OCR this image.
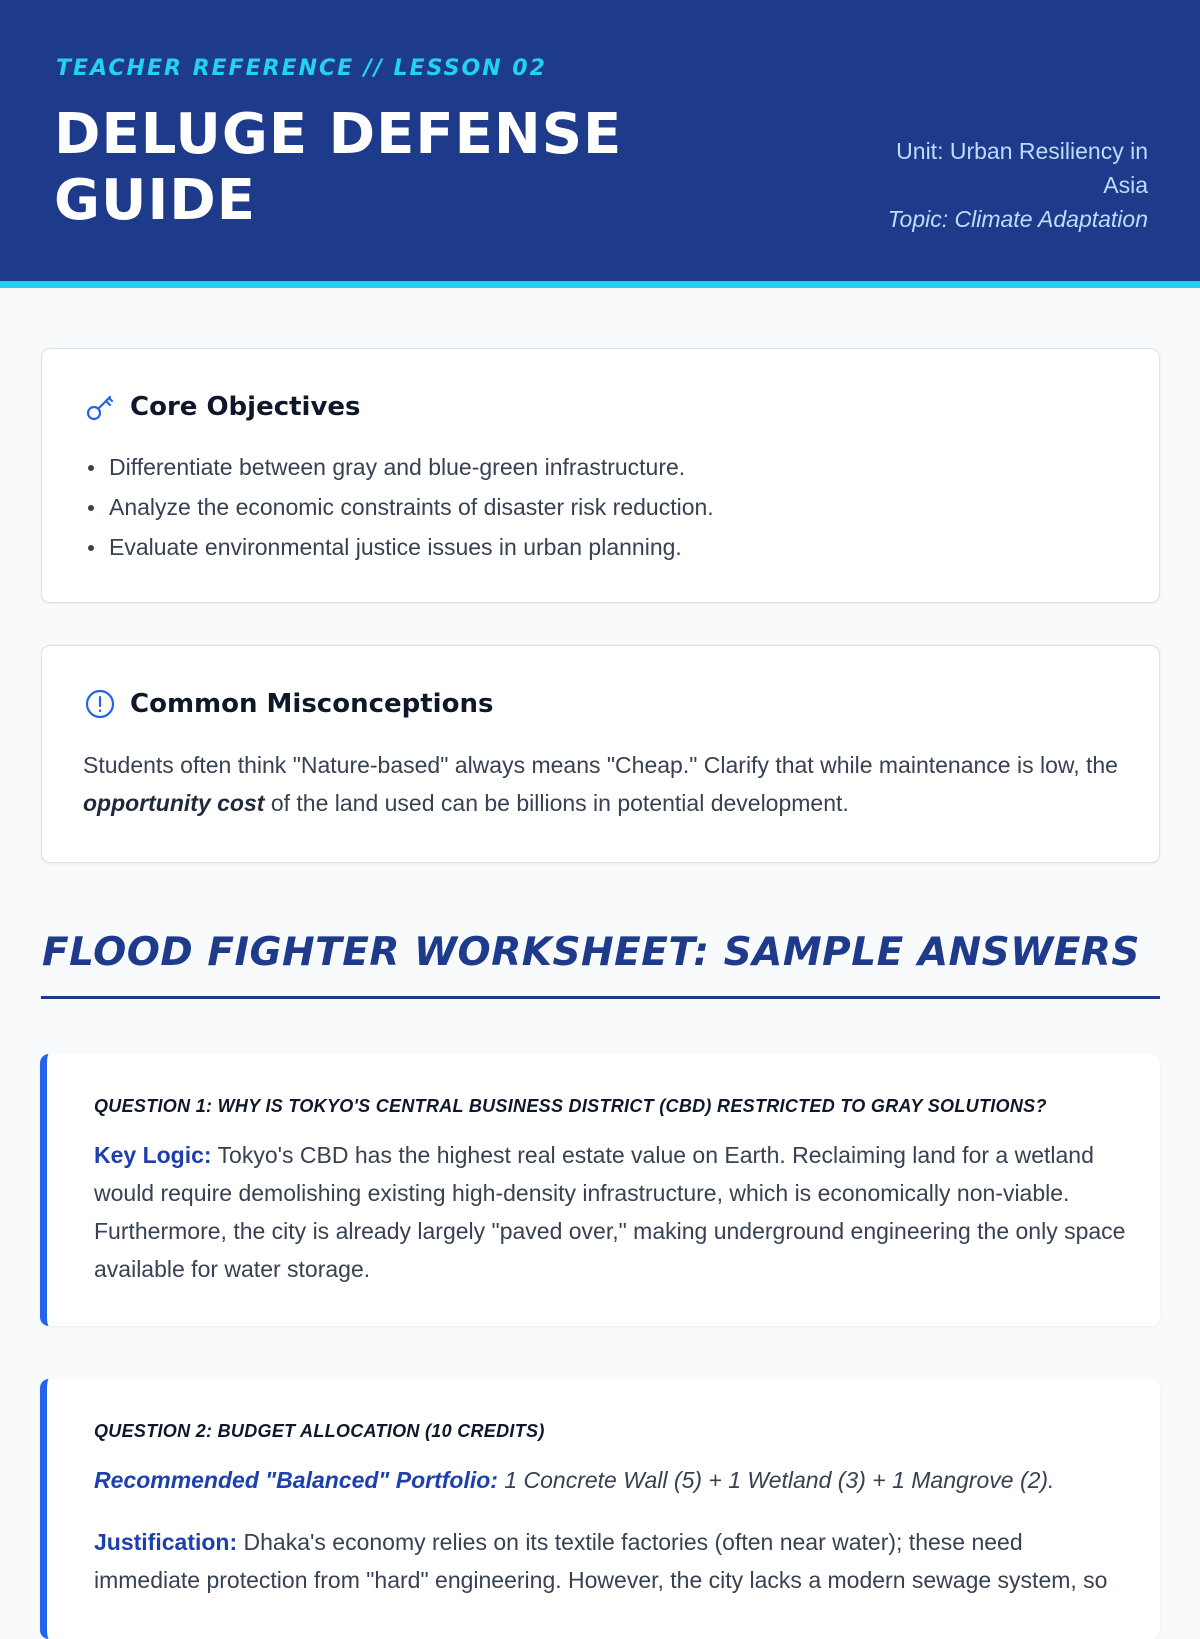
TEACHER REFERENCE // LESSON 02
DELUGE DEFENSE GUIDE
Unit: Urban Resiliency in Asia
Topic: Climate Adaptation
Core Objectives
Differentiate between gray and blue-green infrastructure.
Analyze the economic constraints of disaster risk reduction.
Evaluate environmental justice issues in urban planning.
Common Misconceptions

Students often think "Nature-based" always means "Cheap." Clarify that while maintenance is low, the opportunity cost of the land used can be billions in potential development.

FLOOD FIGHTER WORKSHEET: SAMPLE ANSWERS
QUESTION 1: WHY IS TOKYO'S CENTRAL BUSINESS DISTRICT (CBD) RESTRICTED TO GRAY SOLUTIONS?

Key Logic: Tokyo's CBD has the highest real estate value on Earth. Reclaiming land for a wetland would require demolishing existing high-density infrastructure, which is economically non-viable. Furthermore, the city is already largely "paved over," making underground engineering the only space available for water storage.

QUESTION 2: BUDGET ALLOCATION (10 CREDITS)

Recommended "Balanced" Portfolio: 1 Concrete Wall (5) + 1 Wetland (3) + 1 Mangrove (2).

Justification: Dhaka's economy relies on its textile factories (often near water); these need immediate protection from "hard" engineering. However, the city lacks a modern sewage system, so
